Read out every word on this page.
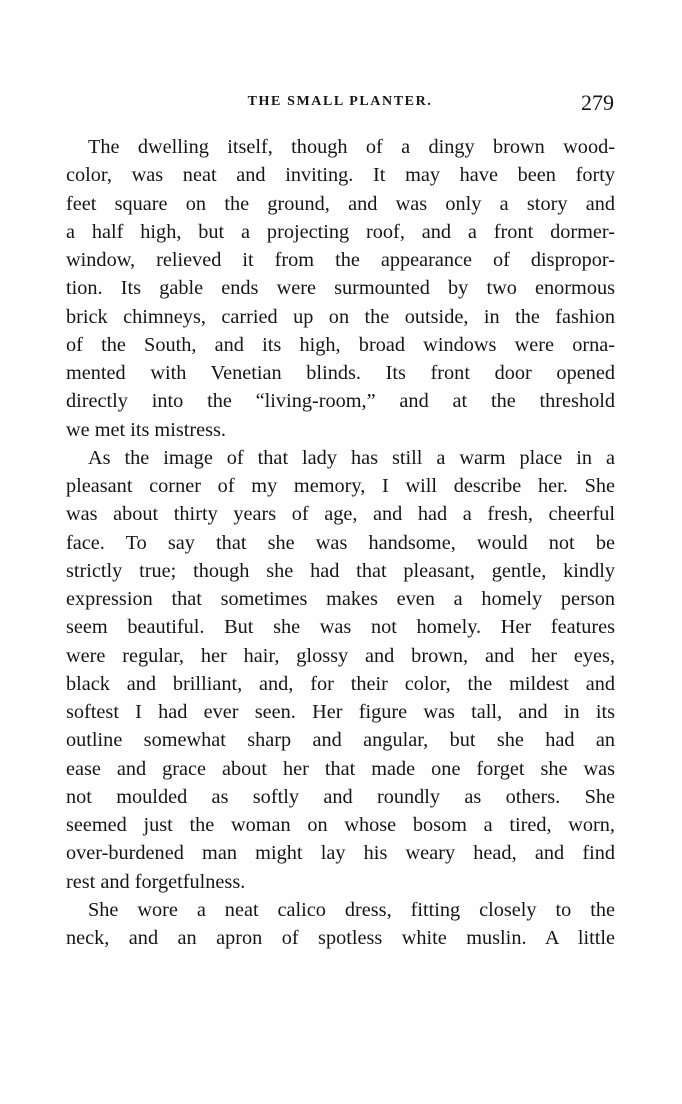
THE SMALL PLANTER.	279
The dwelling itself, though of a dingy brown wood-
color, was neat and inviting. It may have been forty
feet square on the ground, and was only a story and
a half high, but a projecting roof, and a front dormer-
window, relieved it from the appearance of dispropor-
tion. Its gable ends were surmounted by two enormous
brick chimneys, carried up on the outside, in the fashion
of the South, and its high, broad windows were orna-
mented with Venetian blinds. Its front door opened
directly into the “living-room,” and at the threshold
we met its mistress.
As the image of that lady has still a warm place in a
pleasant corner of my memory, I will describe her. She
was about thirty years of age, and had a fresh, cheerful
face. To say that she was handsome, would not be
strictly true; though she had that pleasant, gentle, kindly
expression that sometimes makes even a homely person
seem beautiful. But she was not homely. Her features
were regular, her hair, glossy and brown, and her eyes,
black and brilliant, and, for their color, the mildest and
softest I had ever seen. Her figure was tall, and in its
outline somewhat sharp and angular, but she had an
ease and grace about her that made one forget she was
not moulded as softly and roundly as others. She
seemed just the woman on whose bosom a tired, worn,
over-burdened man might lay his weary head, and find
rest and forgetfulness.
She wore a neat calico dress, fitting closely to the
neck, and an apron of spotless white muslin. A little
